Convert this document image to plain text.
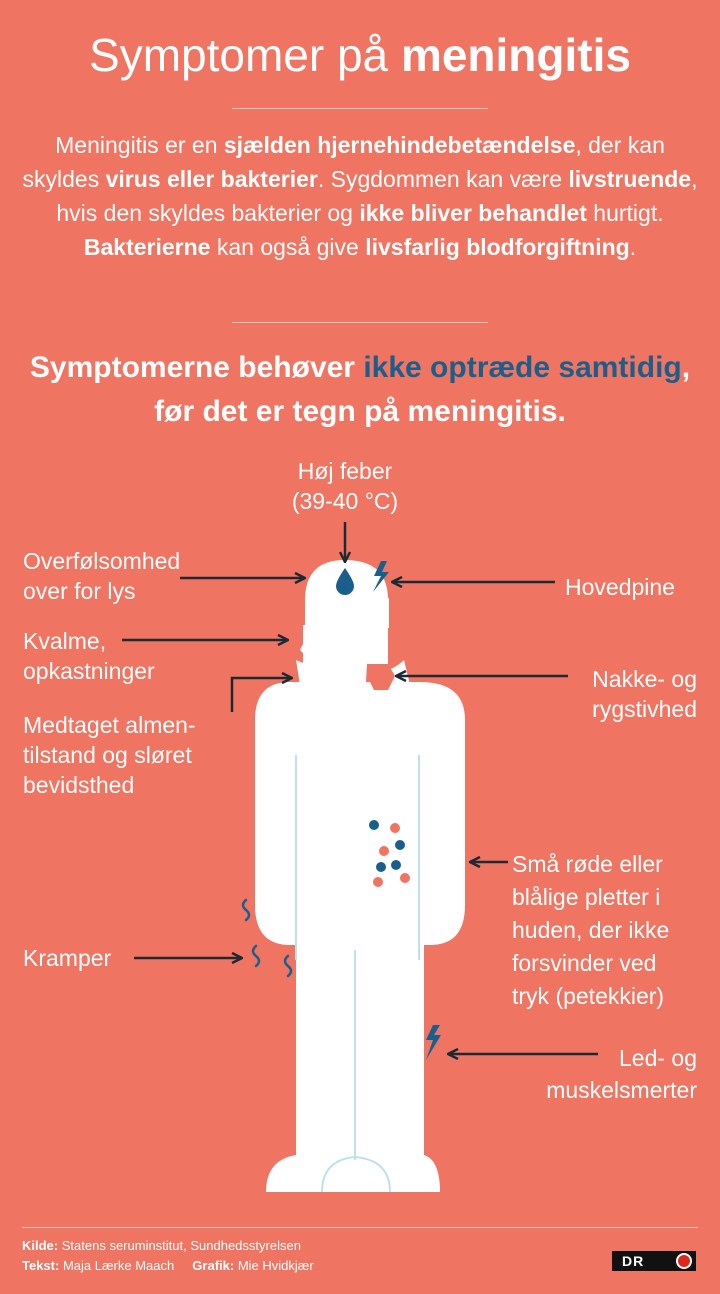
Symptomer på meningitis

Meningitis er en sjælden hjernehindebetændelse, der kan skyldes virus eller bakterier. Sygdommen kan være livstruende, hvis den skyldes bakterier og ikke bliver behandlet hurtigt. Bakterierne kan også give livsfarlig blodforgiftning.

Symptomerne behøver ikke optræde samtidig, før det er tegn på meningitis.
Høj feber
(39-40 °C)
Overfølsomhed
over for lys	Hovedpine
Kvalme,
opkastninger	Nakke- og
rygstivhed
Medtaget almen-
tilstand og sløret
bevidsthed
Små røde eller
blålige pletter i
huden, der ikke
forsvinder ved
tryk (petekkier)
Kramper
Led- og
muskelsmerter

Kilde: Statens seruminstitut, Sundhedsstyrelsen

Tekst: Maja Lærke Maach Grafik: Mie Hvidkjær	DR
